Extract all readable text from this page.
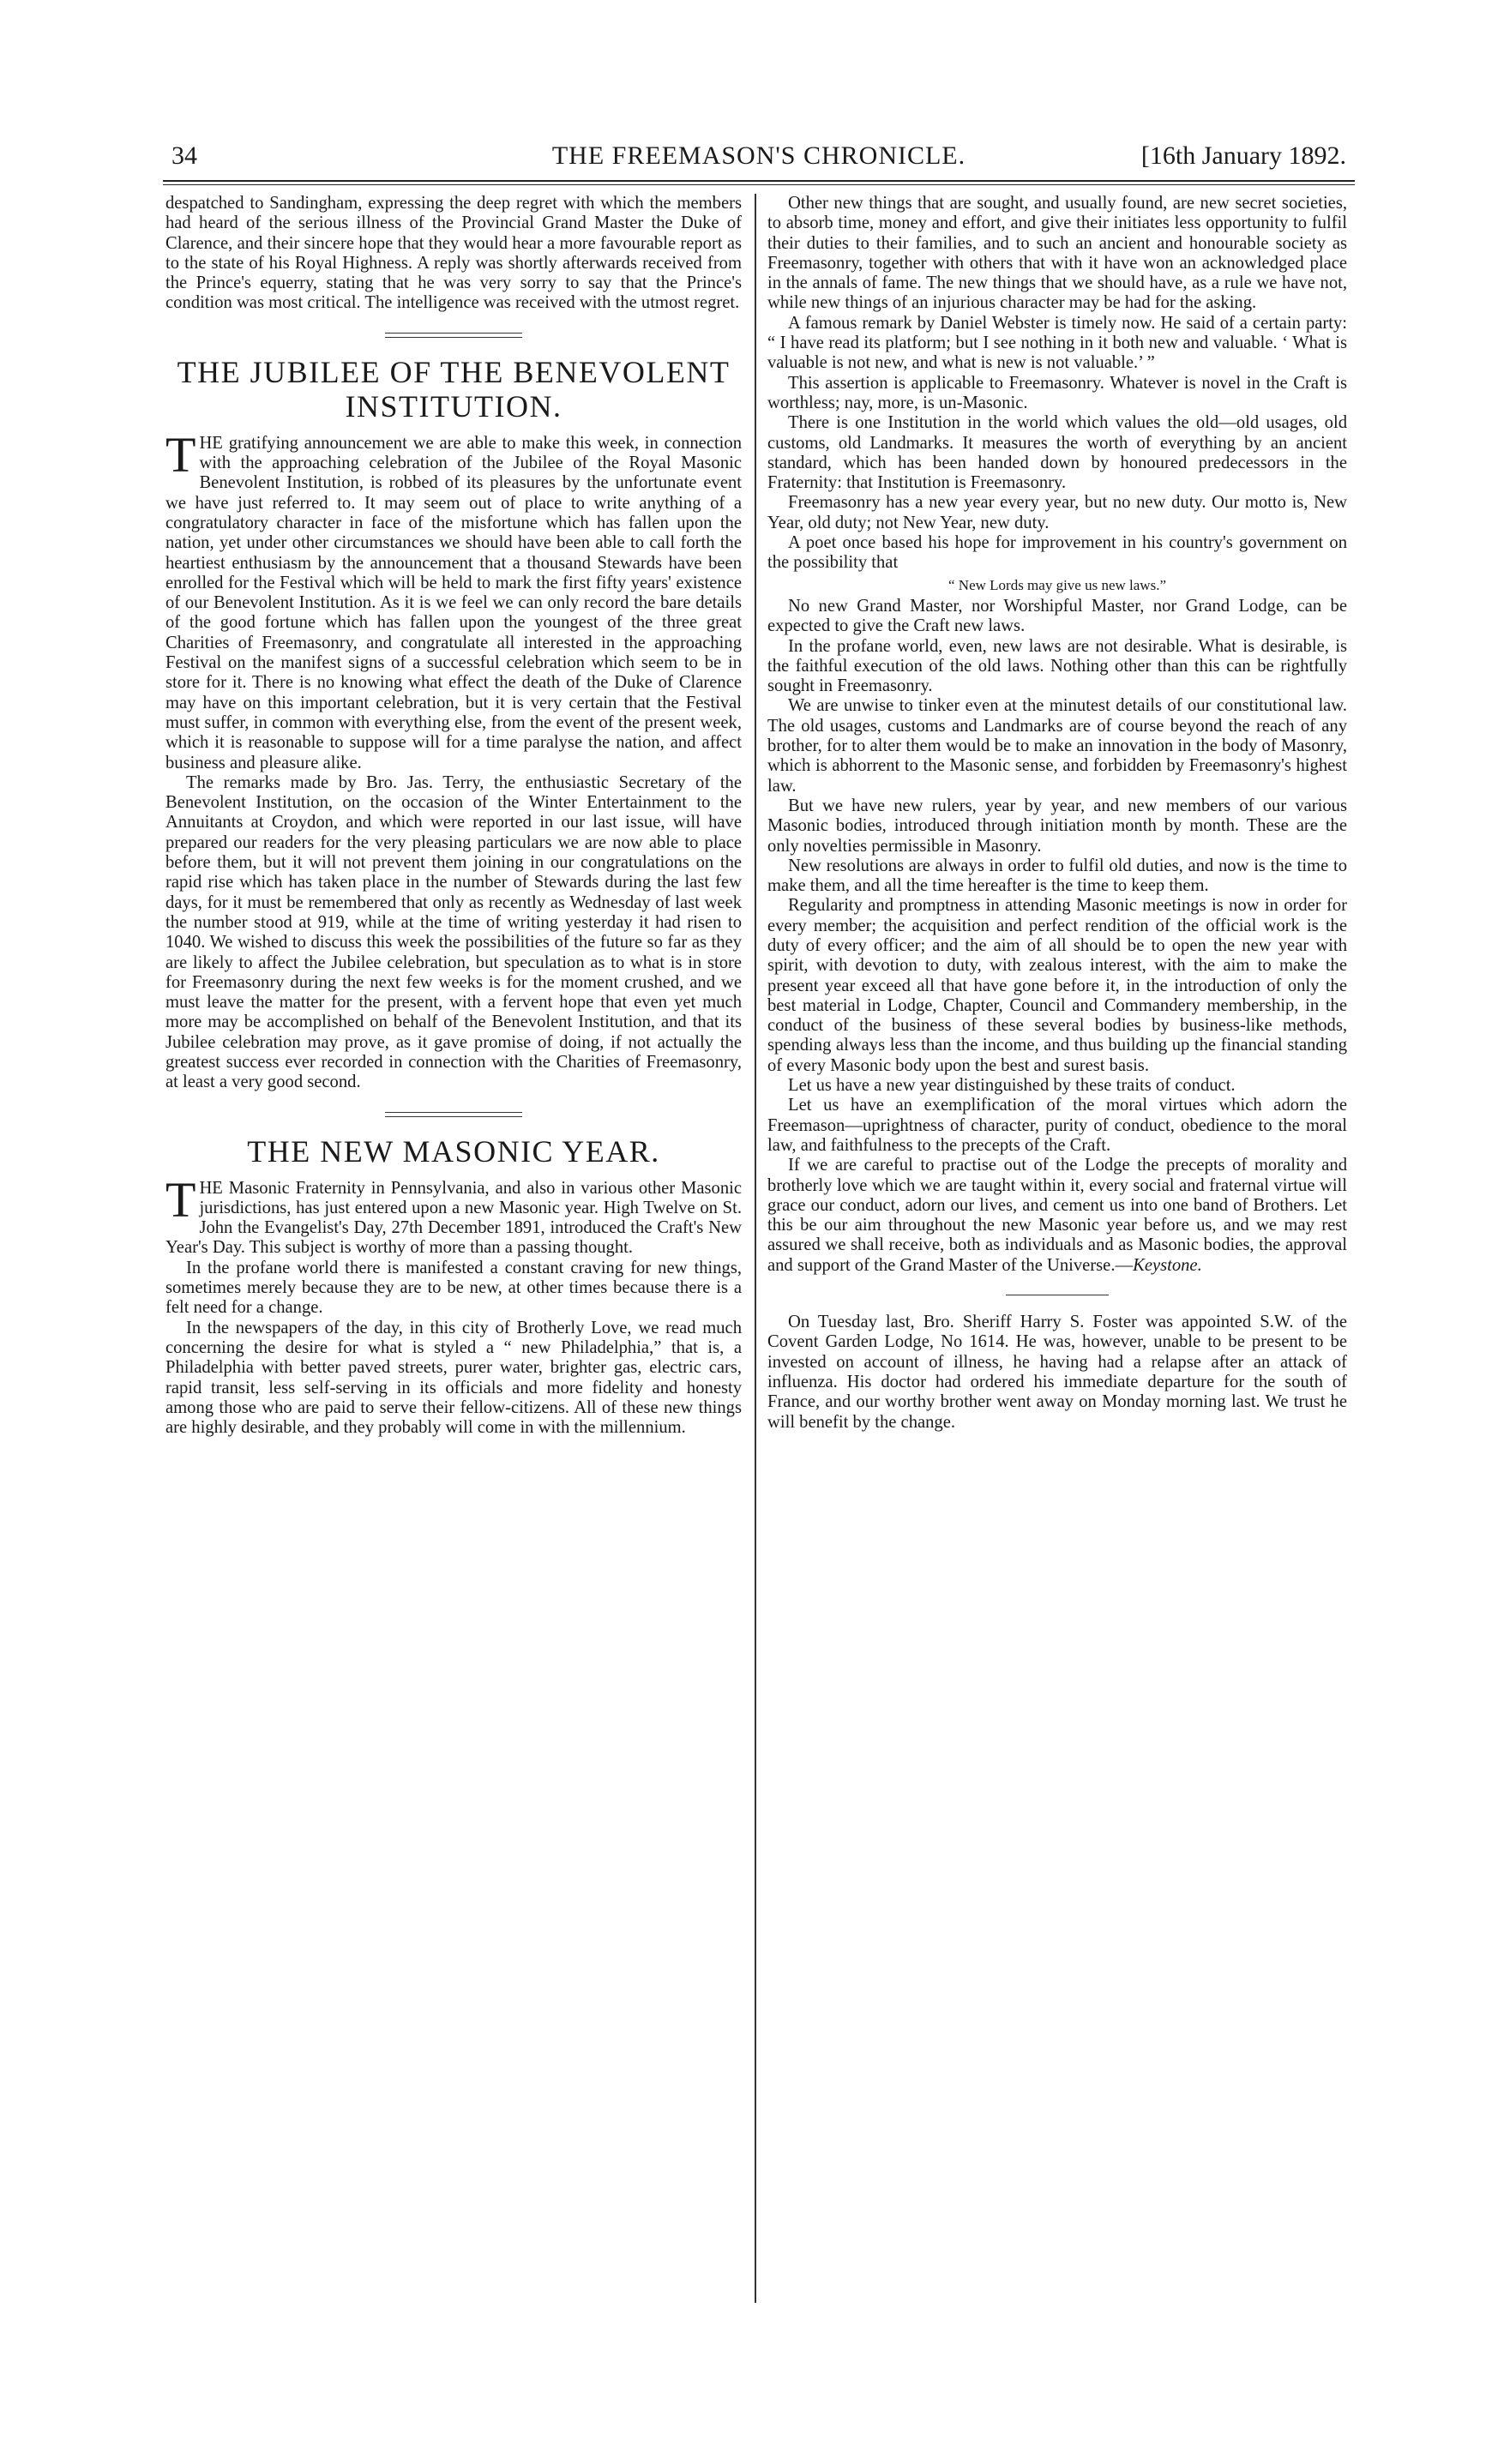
34	THE FREEMASON'S CHRONICLE.	[16th January 1892.

despatched to Sandingham, expressing the deep regret with which the members had heard of the serious illness of the Provincial Grand Master the Duke of Clarence, and their sincere hope that they would hear a more favourable report as to the state of his Royal Highness. A reply was shortly afterwards received from the Prince's equerry, stating that he was very sorry to say that the Prince's condition was most critical. The intelligence was received with the utmost regret.

THE JUBILEE OF THE BENEVOLENT INSTITUTION.

THE gratifying announcement we are able to make this week, in connection with the approaching celebration of the Jubilee of the Royal Masonic Benevolent Institution, is robbed of its pleasures by the unfortunate event we have just referred to. It may seem out of place to write anything of a congratulatory character in face of the misfortune which has fallen upon the nation, yet under other circumstances we should have been able to call forth the heartiest enthusiasm by the announcement that a thousand Stewards have been enrolled for the Festival which will be held to mark the first fifty years' existence of our Benevolent Institution. As it is we feel we can only record the bare details of the good fortune which has fallen upon the youngest of the three great Charities of Freemasonry, and congratulate all interested in the approaching Festival on the manifest signs of a successful celebration which seem to be in store for it. There is no knowing what effect the death of the Duke of Clarence may have on this important celebration, but it is very certain that the Festival must suffer, in common with everything else, from the event of the present week, which it is reasonable to suppose will for a time paralyse the nation, and affect business and pleasure alike.

The remarks made by Bro. Jas. Terry, the enthusiastic Secretary of the Benevolent Institution, on the occasion of the Winter Entertainment to the Annuitants at Croydon, and which were reported in our last issue, will have prepared our readers for the very pleasing particulars we are now able to place before them, but it will not prevent them joining in our congratulations on the rapid rise which has taken place in the number of Stewards during the last few days, for it must be remembered that only as recently as Wednesday of last week the number stood at 919, while at the time of writing yesterday it had risen to 1040. We wished to discuss this week the possibilities of the future so far as they are likely to affect the Jubilee celebration, but speculation as to what is in store for Freemasonry during the next few weeks is for the moment crushed, and we must leave the matter for the present, with a fervent hope that even yet much more may be accomplished on behalf of the Benevolent Institution, and that its Jubilee celebration may prove, as it gave promise of doing, if not actually the greatest success ever recorded in connection with the Charities of Freemasonry, at least a very good second.

THE NEW MASONIC YEAR.

THE Masonic Fraternity in Pennsylvania, and also in various other Masonic jurisdictions, has just entered upon a new Masonic year. High Twelve on St. John the Evangelist's Day, 27th December 1891, introduced the Craft's New Year's Day. This subject is worthy of more than a passing thought.

In the profane world there is manifested a constant craving for new things, sometimes merely because they are to be new, at other times because there is a felt need for a change.

In the newspapers of the day, in this city of Brotherly Love, we read much concerning the desire for what is styled a “ new Philadelphia,” that is, a Philadelphia with better paved streets, purer water, brighter gas, electric cars, rapid transit, less self-serving in its officials and more fidelity and honesty among those who are paid to serve their fellow-citizens. All of these new things are highly desirable, and they probably will come in with the millennium.

Other new things that are sought, and usually found, are new secret societies, to absorb time, money and effort, and give their initiates less opportunity to fulfil their duties to their families, and to such an ancient and honourable society as Freemasonry, together with others that with it have won an acknowledged place in the annals of fame. The new things that we should have, as a rule we have not, while new things of an injurious character may be had for the asking.

A famous remark by Daniel Webster is timely now. He said of a certain party: “ I have read its platform; but I see nothing in it both new and valuable. ‘ What is valuable is not new, and what is new is not valuable.’ ”

This assertion is applicable to Freemasonry. Whatever is novel in the Craft is worthless; nay, more, is un-Masonic.

There is one Institution in the world which values the old—old usages, old customs, old Landmarks. It measures the worth of everything by an ancient standard, which has been handed down by honoured predecessors in the Fraternity: that Institution is Freemasonry.

Freemasonry has a new year every year, but no new duty. Our motto is, New Year, old duty; not New Year, new duty.

A poet once based his hope for improvement in his country's government on the possibility that

“ New Lords may give us new laws.”

No new Grand Master, nor Worshipful Master, nor Grand Lodge, can be expected to give the Craft new laws.

In the profane world, even, new laws are not desirable. What is desirable, is the faithful execution of the old laws. Nothing other than this can be rightfully sought in Freemasonry.

We are unwise to tinker even at the minutest details of our constitutional law. The old usages, customs and Landmarks are of course beyond the reach of any brother, for to alter them would be to make an innovation in the body of Masonry, which is abhorrent to the Masonic sense, and forbidden by Freemasonry's highest law.

But we have new rulers, year by year, and new members of our various Masonic bodies, introduced through initiation month by month. These are the only novelties permissible in Masonry.

New resolutions are always in order to fulfil old duties, and now is the time to make them, and all the time hereafter is the time to keep them.

Regularity and promptness in attending Masonic meetings is now in order for every member; the acquisition and perfect rendition of the official work is the duty of every officer; and the aim of all should be to open the new year with spirit, with devotion to duty, with zealous interest, with the aim to make the present year exceed all that have gone before it, in the introduction of only the best material in Lodge, Chapter, Council and Commandery membership, in the conduct of the business of these several bodies by business-like methods, spending always less than the income, and thus building up the financial standing of every Masonic body upon the best and surest basis.

Let us have a new year distinguished by these traits of conduct.

Let us have an exemplification of the moral virtues which adorn the Freemason—uprightness of character, purity of conduct, obedience to the moral law, and faithfulness to the precepts of the Craft.

If we are careful to practise out of the Lodge the precepts of morality and brotherly love which we are taught within it, every social and fraternal virtue will grace our conduct, adorn our lives, and cement us into one band of Brothers. Let this be our aim throughout the new Masonic year before us, and we may rest assured we shall receive, both as individuals and as Masonic bodies, the approval and support of the Grand Master of the Universe.—Keystone.

On Tuesday last, Bro. Sheriff Harry S. Foster was appointed S.W. of the Covent Garden Lodge, No 1614. He was, however, unable to be present to be invested on account of illness, he having had a relapse after an attack of influenza. His doctor had ordered his immediate departure for the south of France, and our worthy brother went away on Monday morning last. We trust he will benefit by the change.
